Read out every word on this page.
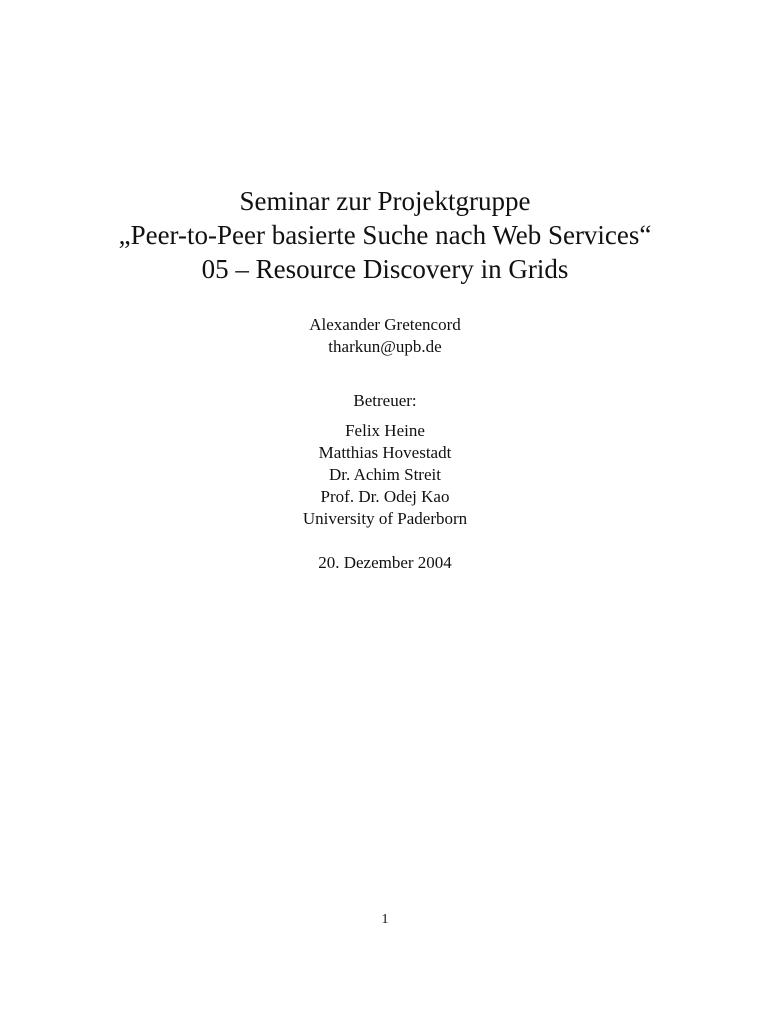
Seminar zur Projektgruppe
„Peer-to-Peer basierte Suche nach Web Services“
05 – Resource Discovery in Grids
Alexander Gretencord
tharkun@upb.de
Betreuer:
Felix Heine
Matthias Hovestadt
Dr. Achim Streit
Prof. Dr. Odej Kao
University of Paderborn
20. Dezember 2004
1
